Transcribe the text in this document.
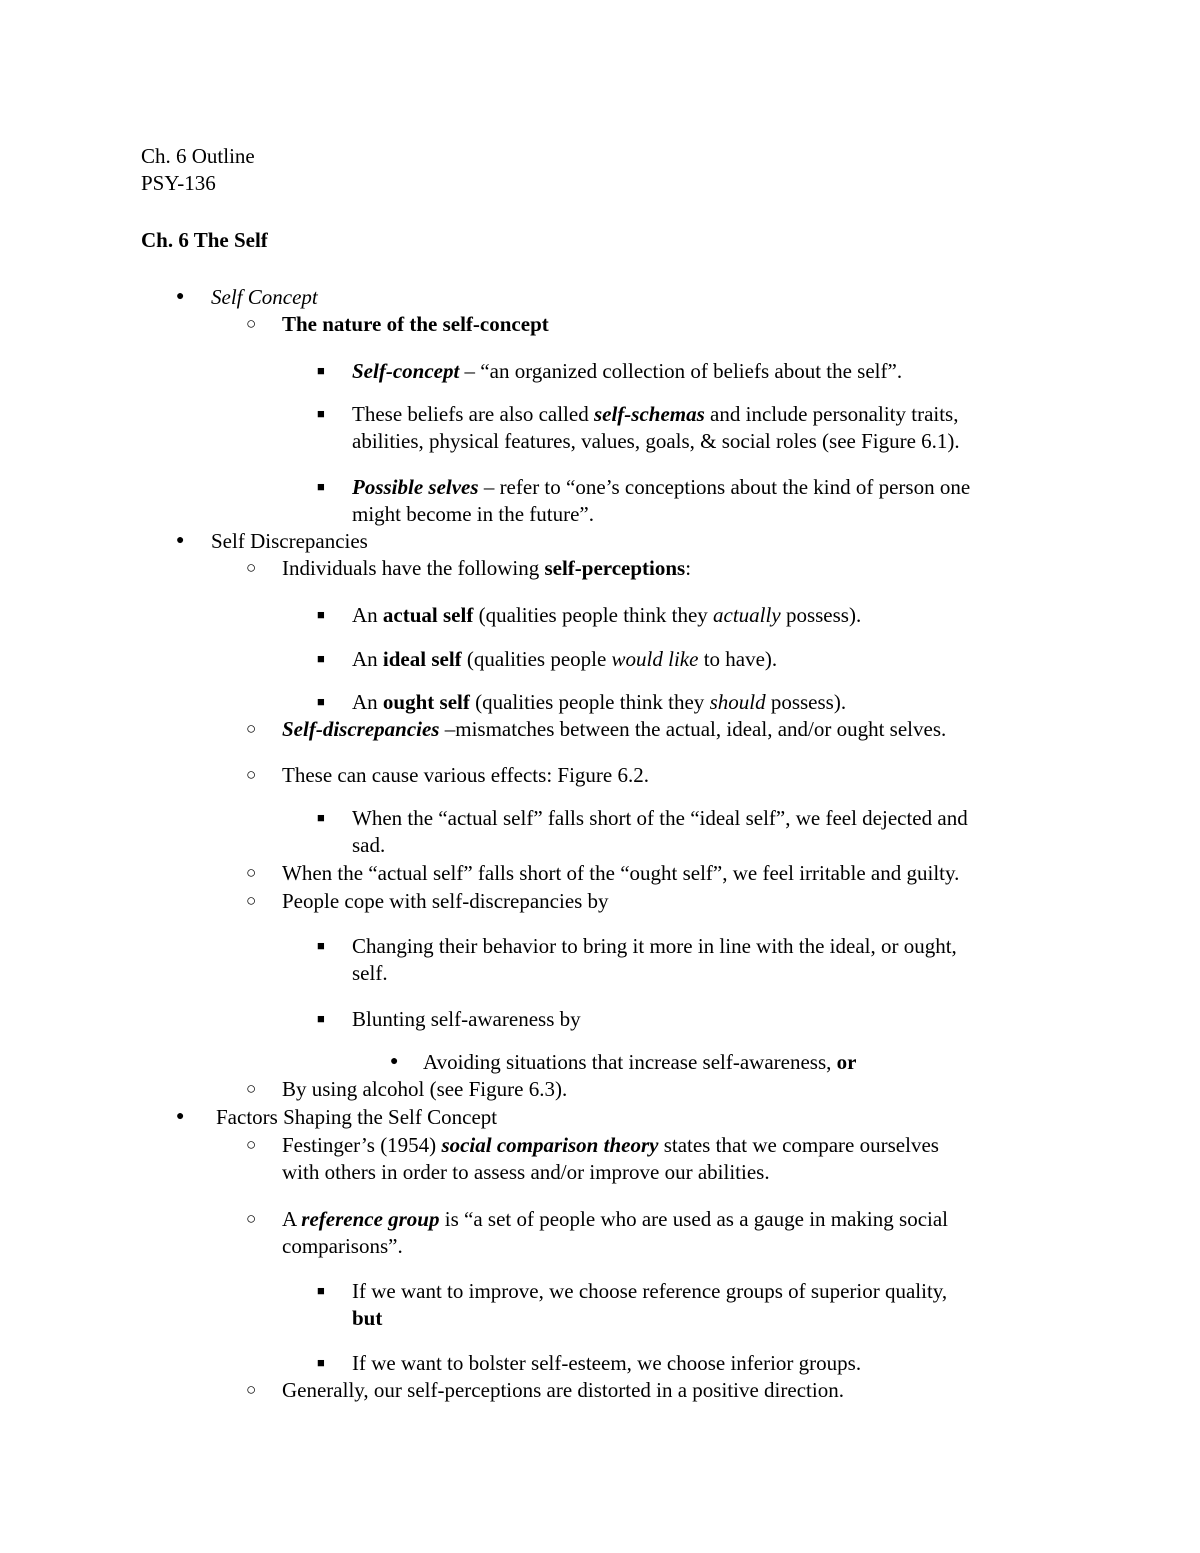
Ch. 6 Outline
PSY-136
Ch. 6 The Self
● Self Concept
○ The nature of the self-concept
■ Self-concept – “an organized collection of beliefs about the self”.
■ These beliefs are also called self-schemas and include personality traits,
abilities, physical features, values, goals, & social roles (see Figure 6.1).
■ Possible selves – refer to “one’s conceptions about the kind of person one
might become in the future”.
● Self Discrepancies
○ Individuals have the following self-perceptions:
■ An actual self (qualities people think they actually possess).
■ An ideal self (qualities people would like to have).
■ An ought self (qualities people think they should possess).
○ Self-discrepancies –mismatches between the actual, ideal, and/or ought selves.
○ These can cause various effects: Figure 6.2.
■ When the “actual self” falls short of the “ideal self”, we feel dejected and
sad.
○ When the “actual self” falls short of the “ought self”, we feel irritable and guilty.
○ People cope with self-discrepancies by
■ Changing their behavior to bring it more in line with the ideal, or ought,
self.
■ Blunting self-awareness by
● Avoiding situations that increase self-awareness, or
○ By using alcohol (see Figure 6.3).
● Factors Shaping the Self Concept
○ Festinger’s (1954) social comparison theory states that we compare ourselves
with others in order to assess and/or improve our abilities.
○ A reference group is “a set of people who are used as a gauge in making social
comparisons”.
■ If we want to improve, we choose reference groups of superior quality,
but
■ If we want to bolster self-esteem, we choose inferior groups.
○ Generally, our self-perceptions are distorted in a positive direction.
